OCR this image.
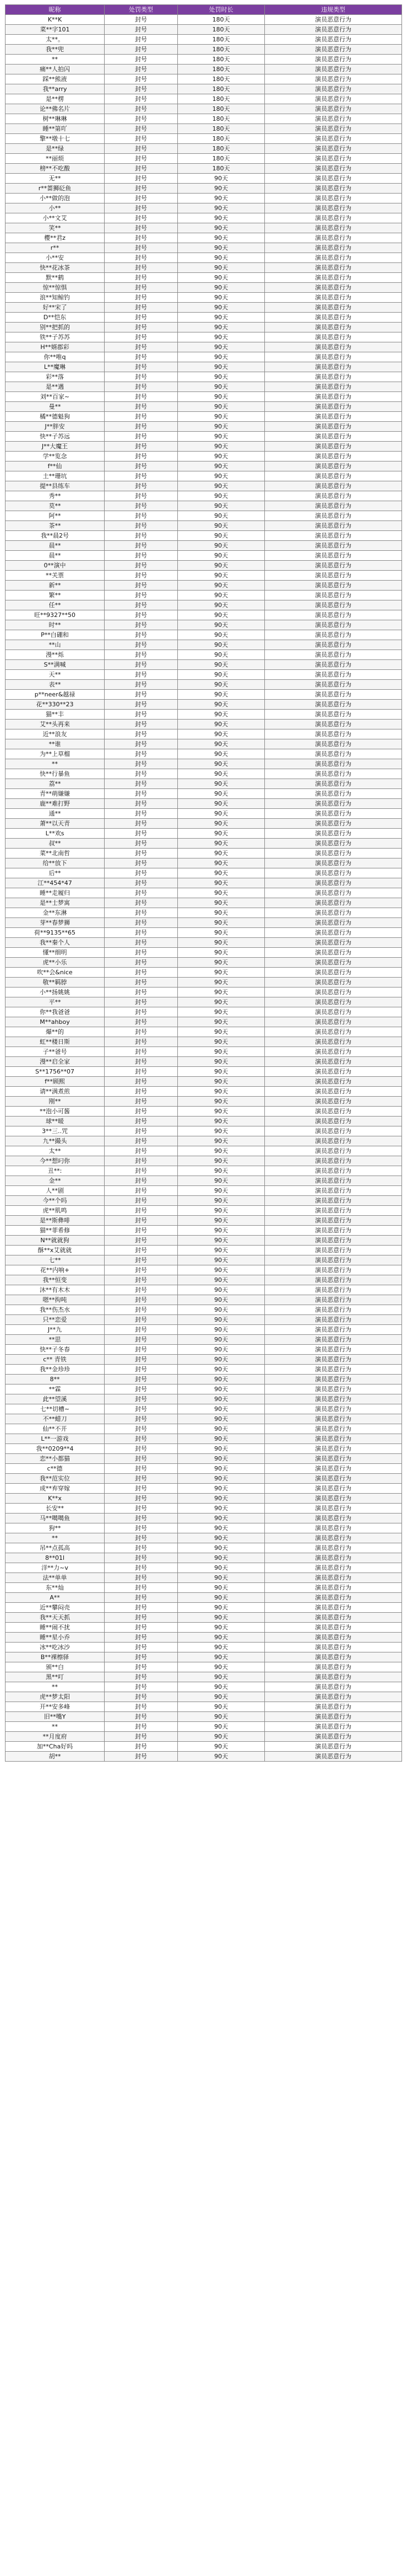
昵称	处罚类型	处罚时长	违规类型
K**K	封号	180天	演员恶意行为
菜**字101	封号	180天	演员恶意行为
太**。	封号	180天	演员恶意行为
我**兜	封号	180天	演员恶意行为
**	封号	180天	演员恶意行为
痛**人拍闪	封号	180天	演员恶意行为
踩**熊液	封号	180天	演员恶意行为
我**arry	封号	180天	演员恶意行为
是**楞	封号	180天	演员恶意行为
论**佛名片	封号	180天	演员恶意行为
树**琳琳	封号	180天	演员恶意行为
睡**第吖	封号	180天	演员恶意行为
擎**墩十七	封号	180天	演员恶意行为
是**绿	封号	180天	演员恶意行为
**丽烦	封号	180天	演员恶意行为
榜**不吃酸	封号	180天	演员恶意行为
无**	封号	90天	演员恶意行为
r**蔷狮砭鱼	封号	90天	演员恶意行为
小**做的泡	封号	90天	演员恶意行为
小**	封号	90天	演员恶意行为
小**文艾	封号	90天	演员恶意行为
笑**	封号	90天	演员恶意行为
樱**君z	封号	90天	演员恶意行为
r**	封号	90天	演员恶意行为
小**安	封号	90天	演员恶意行为
快**花冰茶	封号	90天	演员恶意行为
默**鹤	封号	90天	演员恶意行为
惊**惊惧	封号	90天	演员恶意行为
浪**知鲸钓	封号	90天	演员恶意行为
好**宋了	封号	90天	演员恶意行为
D**恺东	封号	90天	演员恶意行为
别**把抓的	封号	90天	演员恶意行为
铁**子苏苏	封号	90天	演员恶意行为
H**婿郡彩	封号	90天	演员恶意行为
你**唯q	封号	90天	演员恶意行为
L**魔琳	封号	90天	演员恶意行为
彩**落	封号	90天	演员恶意行为
是**遇	封号	90天	演员恶意行为
刘**百家~	封号	90天	演员恶意行为
曼**	封号	90天	演员恶意行为
橘**德魁狗	封号	90天	演员恶意行为
J**胖安	封号	90天	演员恶意行为
快**子苏远	封号	90天	演员恶意行为
J**大魔王	封号	90天	演员恶意行为
学**览念	封号	90天	演员恶意行为
f**仙	封号	90天	演员恶意行为
土**珊坑	封号	90天	演员恶意行为
提**县练车	封号	90天	演员恶意行为
秀**	封号	90天	演员恶意行为
莫**	封号	90天	演员恶意行为
阿**	封号	90天	演员恶意行为
茶**	封号	90天	演员恶意行为
我**晨2号	封号	90天	演员恶意行为
晨**	封号	90天	演员恶意行为
晨**	封号	90天	演员恶意行为
0**演中	封号	90天	演员恶意行为
**关票	封号	90天	演员恶意行为
新**	封号	90天	演员恶意行为
繁**	封号	90天	演员恶意行为
任**	封号	90天	演员恶意行为
旺**9327**50	封号	90天	演员恶意行为
时**	封号	90天	演员恶意行为
P**白硼和	封号	90天	演员恶意行为
**山	封号	90天	演员恶意行为
漫**烁	封号	90天	演员恶意行为
S**满喊	封号	90天	演员恶意行为
天**	封号	90天	演员恶意行为
表**	封号	90天	演员恶意行为
p**neer&越禄	封号	90天	演员恶意行为
花**330**23	封号	90天	演员恶意行为
猫**丰	封号	90天	演员恶意行为
艾**头再来	封号	90天	演员恶意行为
近**浪友	封号	90天	演员恶意行为
**谁	封号	90天	演员恶意行为
为**上草榴	封号	90天	演员恶意行为
**	封号	90天	演员恶意行为
快**行暴鱼	封号	90天	演员恶意行为
荔**	封号	90天	演员恶意行为
青**萌嫌嫌	封号	90天	演员恶意行为
鹿**难打野	封号	90天	演员恶意行为
通**	封号	90天	演员恶意行为
萧**以天青	封号	90天	演员恶意行为
L**欢s	封号	90天	演员恶意行为
叔**	封号	90天	演员恶意行为
菜**北南哲	封号	90天	演员恶意行为
给**放下	封号	90天	演员恶意行为
后**	封号	90天	演员恶意行为
江**454*47	封号	90天	演员恶意行为
睡**走履归	封号	90天	演员恶意行为
是**士梦寓	封号	90天	演员恶意行为
金**东淋	封号	90天	演员恶意行为
芽**春梦狮	封号	90天	演员恶意行为
荷**9135**65	封号	90天	演员恶意行为
我**秦个人	封号	90天	演员恶意行为
懂**细明	封号	90天	演员恶意行为
虎**小乐	封号	90天	演员恶意行为
吹**会&nice	封号	90天	演员恶意行为
敬**羁脖	封号	90天	演员恶意行为
小**扬姚姚	封号	90天	演员恶意行为
平**	封号	90天	演员恶意行为
你**我爸爸	封号	90天	演员恶意行为
M**ahboy	封号	90天	演员恶意行为
爆**的	封号	90天	演员恶意行为
虹**楼日斯	封号	90天	演员恶意行为
子**爸号	封号	90天	演员恶意行为
漫**启全家	封号	90天	演员恶意行为
S**1756**07	封号	90天	演员恶意行为
f**顾熙	封号	90天	演员恶意行为
请**满煮煎	封号	90天	演员恶意行为
刚**	封号	90天	演员恶意行为
**泡小可酱	封号	90天	演员恶意行为
球**暖	封号	90天	演员恶意行为
3**三..咒	封号	90天	演员恶意行为
九**撮头	封号	90天	演员恶意行为
太**	封号	90天	演员恶意行为
今**想叼你	封号	90天	演员恶意行为
丑**:	封号	90天	演员恶意行为
金**	封号	90天	演员恶意行为
人**剧	封号	90天	演员恶意行为
今**个吗	封号	90天	演员恶意行为
虎**肌鸣	封号	90天	演员恶意行为
是**斯彝啡	封号	90天	演员恶意行为
猫**菲希修	封号	90天	演员恶意行为
N**就就狗	封号	90天	演员恶意行为
酥**x艾就就	封号	90天	演员恶意行为
七**	封号	90天	演员恶意行为
花**内响+	封号	90天	演员恶意行为
我**恒变	封号	90天	演员恶意行为
沐**有木木	封号	90天	演员恶意行为
嗯**拘吨	封号	90天	演员恶意行为
我**伤杰水	封号	90天	演员恶意行为
只**恋爱	封号	90天	演员恶意行为
J**九	封号	90天	演员恶意行为
**思	封号	90天	演员恶意行为
快**子冬春	封号	90天	演员恶意行为
c** 青铁	封号	90天	演员恶意行为
我**金珍珍	封号	90天	演员恶意行为
8**	封号	90天	演员恶意行为
**霖	封号	90天	演员恶意行为
此**望溪	封号	90天	演员恶意行为
七**切槽~	封号	90天	演员恶意行为
不**蜡刀	封号	90天	演员恶意行为
仙**不开	封号	90天	演员恶意行为
L**一游戏	封号	90天	演员恶意行为
我**0209**4	封号	90天	演员恶意行为
恋**小都猫	封号	90天	演员恶意行为
c**德	封号	90天	演员恶意行为
我**范实位	封号	90天	演员恶意行为
成**弃穿嫁	封号	90天	演员恶意行为
K**x	封号	90天	演员恶意行为
长安**	封号	90天	演员恶意行为
马**噶噶鱼	封号	90天	演员恶意行为
狗**	封号	90天	演员恶意行为
**	封号	90天	演员恶意行为
吊**点孤高	封号	90天	演员恶意行为
8**01l	封号	90天	演员恶意行为
洋**力~v	封号	90天	演员恶意行为
法**单单	封号	90天	演员恶意行为
东**灿	封号	90天	演员恶意行为
A**	封号	90天	演员恶意行为
近**攀闷壳	封号	90天	演员恶意行为
我**天天抓	封号	90天	演员恶意行为
睡**闹不扰	封号	90天	演员恶意行为
睡**星小乔	封号	90天	演员恶意行为
冰**吃冰沙	封号	90天	演员恶意行为
B**裸檫驿	封号	90天	演员恶意行为
颁**白	封号	90天	演员恶意行为
黑**叮	封号	90天	演员恶意行为
**	封号	90天	演员恶意行为
虎**梦太阳	封号	90天	演员恶意行为
开**安多峰	封号	90天	演员恶意行为
旧**嘴Y	封号	90天	演员恶意行为
**	封号	90天	演员恶意行为
**月度府	封号	90天	演员恶意行为
加**Cha好吗	封号	90天	演员恶意行为
胡**	封号	90天	演员恶意行为
